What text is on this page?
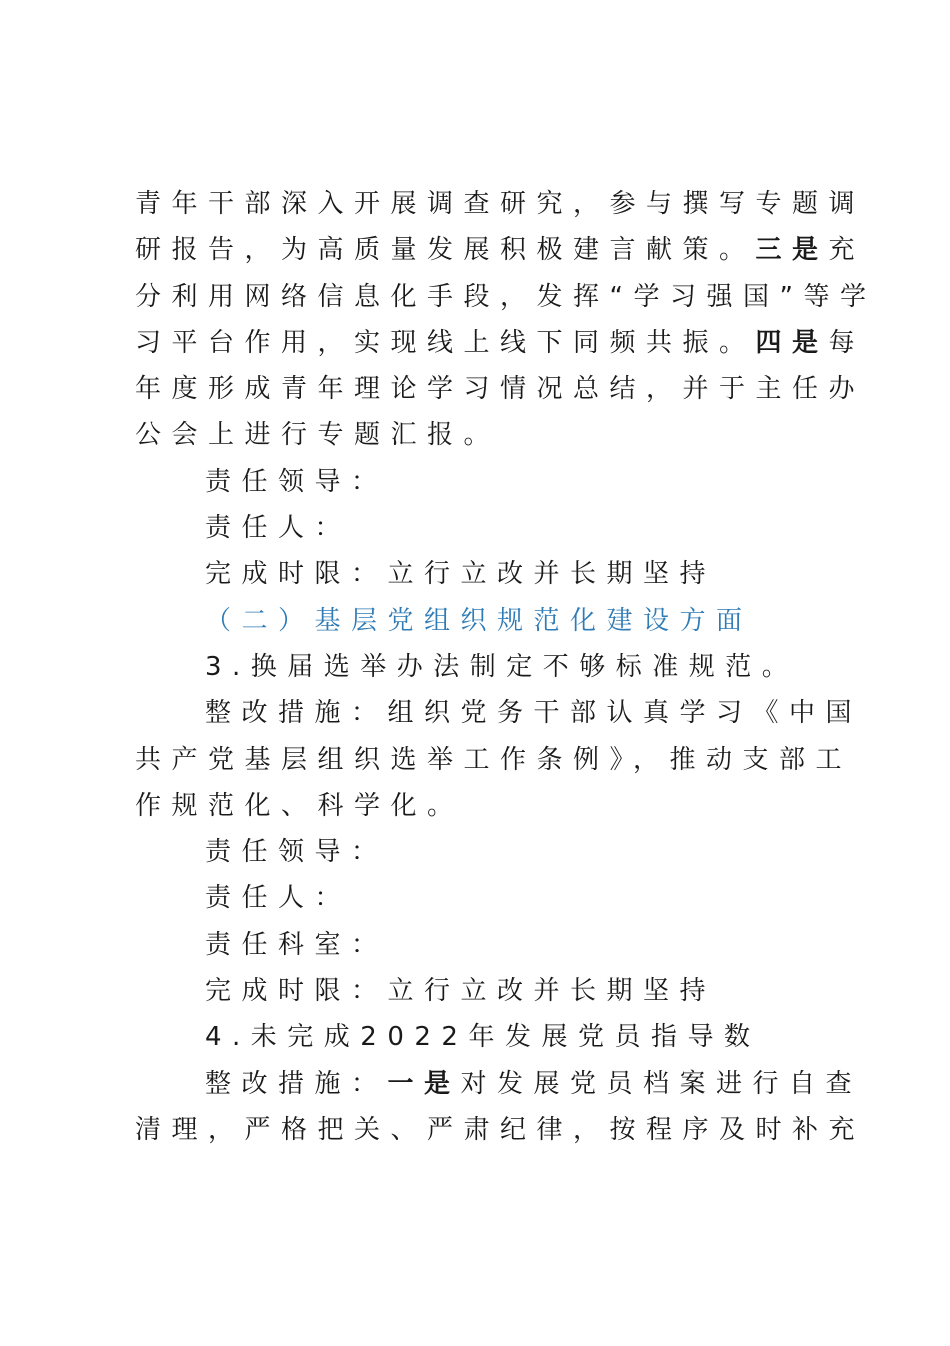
青年干部深入开展调查研究，参与撰写专题调
研报告，为高质量发展积极建言献策。三是充
分利用网络信息化手段，发挥“学习强国”等学
习平台作用，实现线上线下同频共振。四是每
年度形成青年理论学习情况总结，并于主任办
公会上进行专题汇报。
责任领导：
责任人：
完成时限：立行立改并长期坚持
（二）基层党组织规范化建设方面
3.换届选举办法制定不够标准规范。
整改措施：组织党务干部认真学习《中国
共产党基层组织选举工作条例》，推动支部工
作规范化、科学化。
责任领导：
责任人：
责任科室：
完成时限：立行立改并长期坚持
4.未完成2022年发展党员指导数
整改措施：一是对发展党员档案进行自查
清理，严格把关、严肃纪律，按程序及时补充
